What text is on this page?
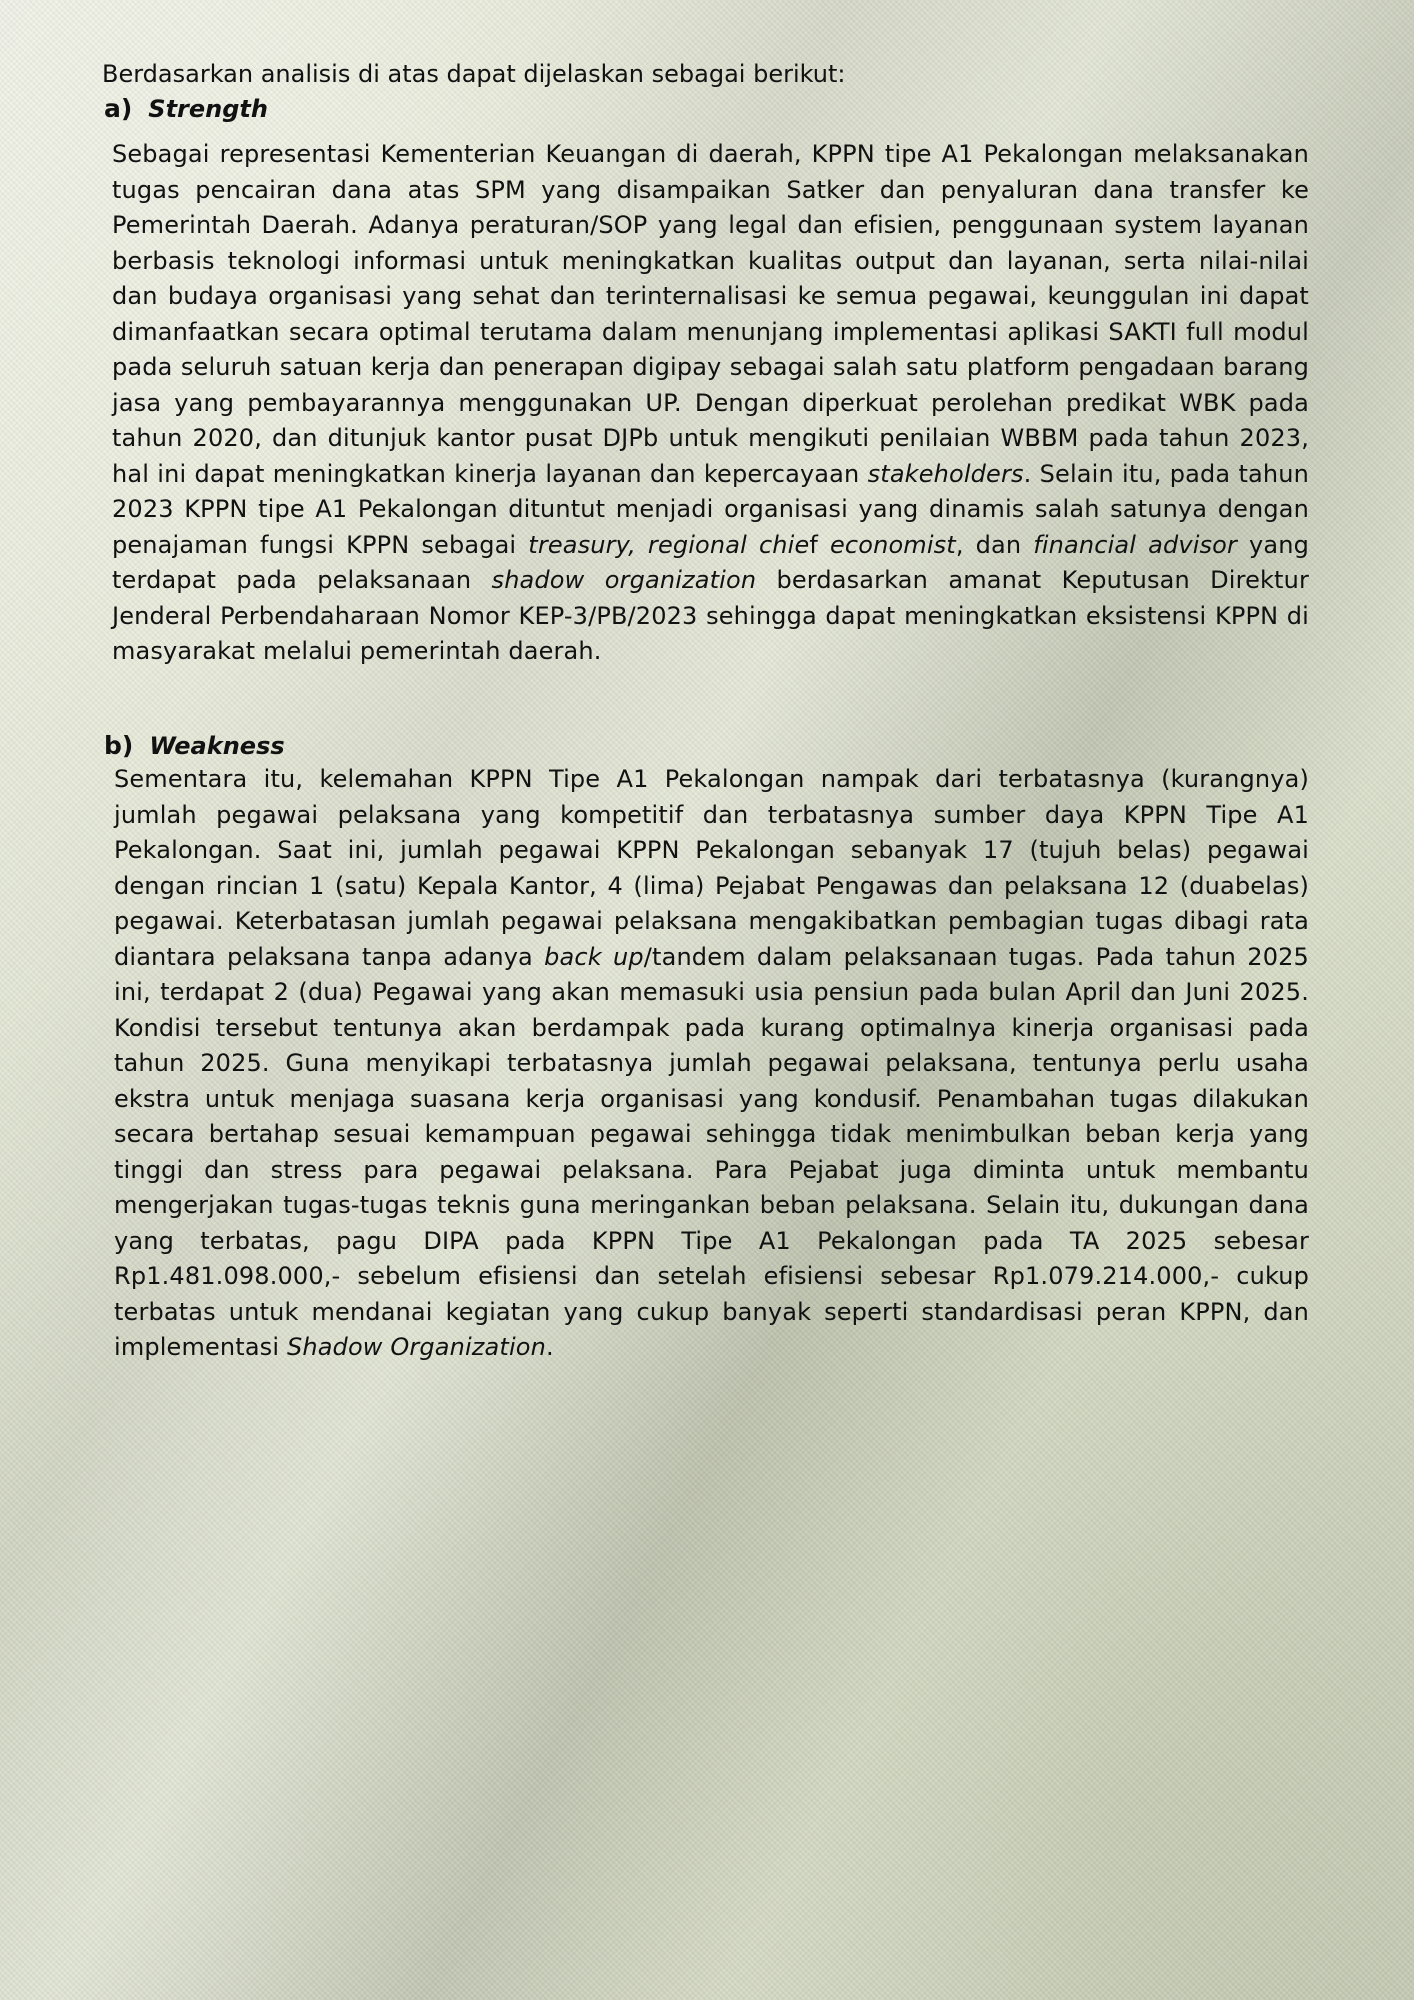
Berdasarkan analisis di atas dapat dijelaskan sebagai berikut:

a) Strength

Sebagai representasi Kementerian Keuangan di daerah, KPPN tipe A1 Pekalongan melaksanakan tugas pencairan dana atas SPM yang disampaikan Satker dan penyaluran dana transfer ke Pemerintah Daerah. Adanya peraturan/SOP yang legal dan efisien, penggunaan system layanan berbasis teknologi informasi untuk meningkatkan kualitas output dan layanan, serta nilai-nilai dan budaya organisasi yang sehat dan terinternalisasi ke semua pegawai, keunggulan ini dapat dimanfaatkan secara optimal terutama dalam menunjang implementasi aplikasi SAKTI full modul pada seluruh satuan kerja dan penerapan digipay sebagai salah satu platform pengadaan barang jasa yang pembayarannya menggunakan UP. Dengan diperkuat perolehan predikat WBK pada tahun 2020, dan ditunjuk kantor pusat DJPb untuk mengikuti penilaian WBBM pada tahun 2023, hal ini dapat meningkatkan kinerja layanan dan kepercayaan stakeholders. Selain itu, pada tahun 2023 KPPN tipe A1 Pekalongan dituntut menjadi organisasi yang dinamis salah satunya dengan penajaman fungsi KPPN sebagai treasury, regional chief economist, dan financial advisor yang terdapat pada pelaksanaan shadow organization berdasarkan amanat Keputusan Direktur Jenderal Perbendaharaan Nomor KEP-3/PB/2023 sehingga dapat meningkatkan eksistensi KPPN di masyarakat melalui pemerintah daerah.

b) Weakness

Sementara itu, kelemahan KPPN Tipe A1 Pekalongan nampak dari terbatasnya (kurangnya) jumlah pegawai pelaksana yang kompetitif dan terbatasnya sumber daya KPPN Tipe A1 Pekalongan. Saat ini, jumlah pegawai KPPN Pekalongan sebanyak 17 (tujuh belas) pegawai dengan rincian 1 (satu) Kepala Kantor, 4 (lima) Pejabat Pengawas dan pelaksana 12 (duabelas) pegawai. Keterbatasan jumlah pegawai pelaksana mengakibatkan pembagian tugas dibagi rata diantara pelaksana tanpa adanya back up/tandem dalam pelaksanaan tugas. Pada tahun 2025 ini, terdapat 2 (dua) Pegawai yang akan memasuki usia pensiun pada bulan April dan Juni 2025. Kondisi tersebut tentunya akan berdampak pada kurang optimalnya kinerja organisasi pada tahun 2025. Guna menyikapi terbatasnya jumlah pegawai pelaksana, tentunya perlu usaha ekstra untuk menjaga suasana kerja organisasi yang kondusif. Penambahan tugas dilakukan secara bertahap sesuai kemampuan pegawai sehingga tidak menimbulkan beban kerja yang tinggi dan stress para pegawai pelaksana. Para Pejabat juga diminta untuk membantu mengerjakan tugas-tugas teknis guna meringankan beban pelaksana. Selain itu, dukungan dana yang terbatas, pagu DIPA pada KPPN Tipe A1 Pekalongan pada TA 2025 sebesar Rp1.481.098.000,- sebelum efisiensi dan setelah efisiensi sebesar Rp1.079.214.000,- cukup terbatas untuk mendanai kegiatan yang cukup banyak seperti standardisasi peran KPPN, dan implementasi Shadow Organization.
